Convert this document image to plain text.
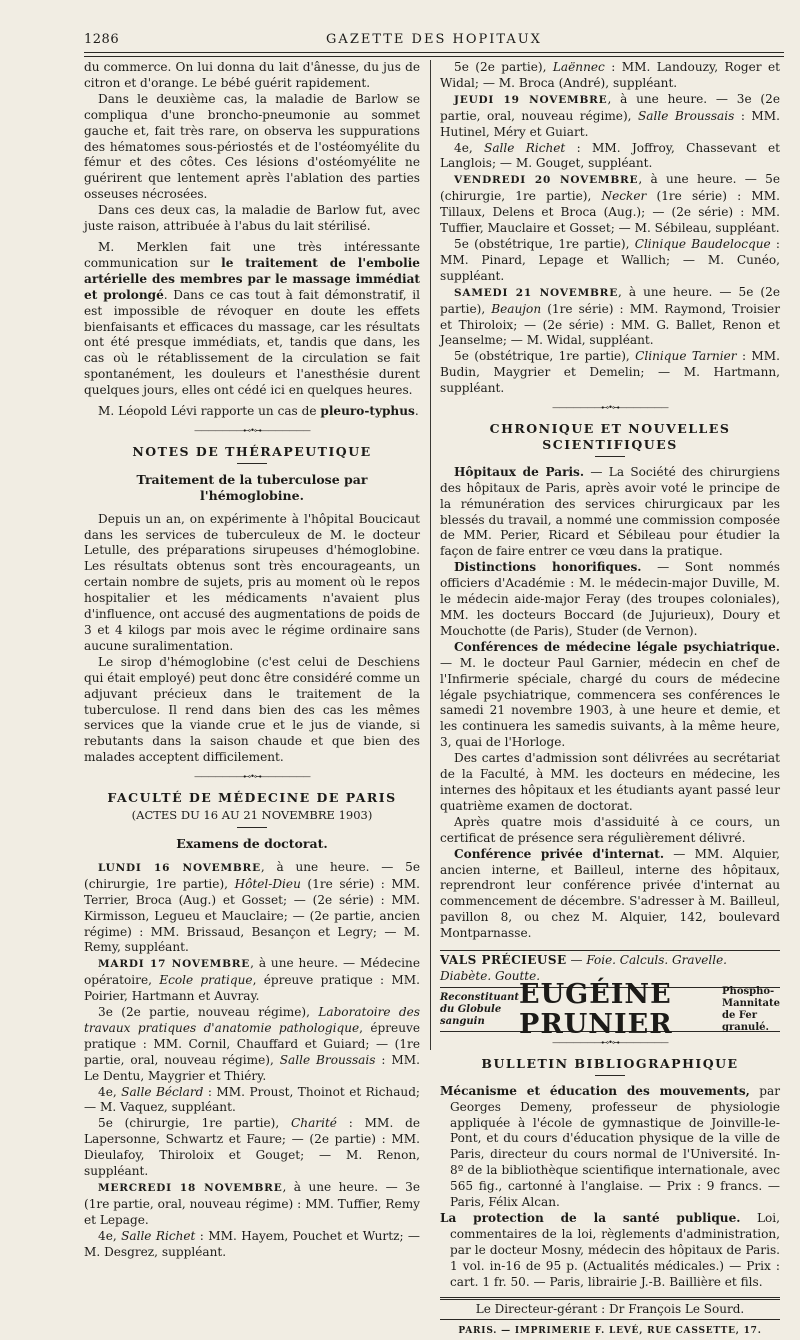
1286	GAZETTE DES HOPITAUX

du commerce. On lui donna du lait d'ânesse, du jus de citron et d'orange. Le bébé guérit rapidement.

Dans le deuxième cas, la maladie de Barlow se compliqua d'une broncho-pneumonie au sommet gauche et, fait très rare, on observa les suppurations des hématomes sous-périostés et de l'ostéomyélite du fémur et des côtes. Ces lésions d'ostéomyélite ne guérirent que lentement après l'ablation des parties osseuses nécrosées.

Dans ces deux cas, la maladie de Barlow fut, avec juste raison, attribuée à l'abus du lait stérilisé.

M. Merklen fait une très intéressante communication sur le traitement de l'embolie artérielle des membres par le massage immédiat et prolongé. Dans ce cas tout à fait démonstratif, il est impossible de révoquer en doute les effets bienfaisants et efficaces du massage, car les résultats ont été presque immédiats, et, tandis que dans, les cas où le rétablissement de la circulation se fait spontanément, les douleurs et l'anesthésie durent quelques jours, elles ont cédé ici en quelques heures.

M. Léopold Lévi rapporte un cas de pleuro-typhus.

———————⊷•⊶———————
NOTES DE THÉRAPEUTIQUE
Traitement de la tuberculose par l'hémoglobine.

Depuis un an, on expérimente à l'hôpital Boucicaut dans les services de tuberculeux de M. le docteur Letulle, des préparations sirupeuses d'hémoglobine. Les résultats obtenus sont très encourageants, un certain nombre de sujets, pris au moment où le repos hospitalier et les médicaments n'avaient plus d'influence, ont accusé des augmentations de poids de 3 et 4 kilogs par mois avec le régime ordinaire sans aucune suralimentation.

Le sirop d'hémoglobine (c'est celui de Deschiens qui était employé) peut donc être considéré comme un adjuvant précieux dans le traitement de la tuberculose. Il rend dans bien des cas les mêmes services que la viande crue et le jus de viande, si rebutants dans la saison chaude et que bien des malades acceptent difficilement.

———————⊷•⊶———————
FACULTÉ DE MÉDECINE DE PARIS
(ACTES DU 16 AU 21 NOVEMBRE 1903)
Examens de doctorat.

LUNDI 16 NOVEMBRE, à une heure. — 5e (chirurgie, 1re partie), Hôtel-Dieu (1re série) : MM. Terrier, Broca (Aug.) et Gosset; — (2e série) : MM. Kirmisson, Legueu et Mauclaire; — (2e partie, ancien régime) : MM. Brissaud, Besançon et Legry; — M. Remy, suppléant.

MARDI 17 NOVEMBRE, à une heure. — Médecine opératoire, Ecole pratique, épreuve pratique : MM. Poirier, Hartmann et Auvray.

3e (2e partie, nouveau régime), Laboratoire des travaux pratiques d'anatomie pathologique, épreuve pratique : MM. Cornil, Chauffard et Guiard; — (1re partie, oral, nouveau régime), Salle Broussais : MM. Le Dentu, Maygrier et Thiéry.

4e, Salle Béclard : MM. Proust, Thoinot et Richaud; — M. Vaquez, suppléant.

5e (chirurgie, 1re partie), Charité : MM. de Lapersonne, Schwartz et Faure; — (2e partie) : MM. Dieulafoy, Thiroloix et Gouget; — M. Renon, suppléant.

MERCREDI 18 NOVEMBRE, à une heure. — 3e (1re partie, oral, nouveau régime) : MM. Tuffier, Remy et Lepage.

4e, Salle Richet : MM. Hayem, Pouchet et Wurtz; — M. Desgrez, suppléant.

5e (2e partie), Laënnec : MM. Landouzy, Roger et Widal; — M. Broca (André), suppléant.

JEUDI 19 NOVEMBRE, à une heure. — 3e (2e partie, oral, nouveau régime), Salle Broussais : MM. Hutinel, Méry et Guiart.

4e, Salle Richet : MM. Joffroy, Chassevant et Langlois; — M. Gouget, suppléant.

VENDREDI 20 NOVEMBRE, à une heure. — 5e (chirurgie, 1re partie), Necker (1re série) : MM. Tillaux, Delens et Broca (Aug.); — (2e série) : MM. Tuffier, Mauclaire et Gosset; — M. Sébileau, suppléant.

5e (obstétrique, 1re partie), Clinique Baudelocque : MM. Pinard, Lepage et Wallich; — M. Cunéo, suppléant.

SAMEDI 21 NOVEMBRE, à une heure. — 5e (2e partie), Beaujon (1re série) : MM. Raymond, Troisier et Thiroloix; — (2e série) : MM. G. Ballet, Renon et Jeanselme; — M. Widal, suppléant.

5e (obstétrique, 1re partie), Clinique Tarnier : MM. Budin, Maygrier et Demelin; — M. Hartmann, suppléant.

———————⊷•⊶———————
CHRONIQUE ET NOUVELLES SCIENTIFIQUES

Hôpitaux de Paris. — La Société des chirurgiens des hôpitaux de Paris, après avoir voté le principe de la rémunération des services chirurgicaux par les blessés du travail, a nommé une commission composée de MM. Perier, Ricard et Sébileau pour étudier la façon de faire entrer ce vœu dans la pratique.

Distinctions honorifiques. — Sont nommés officiers d'Académie : M. le médecin-major Duville, M. le médecin aide-major Feray (des troupes coloniales), MM. les docteurs Boccard (de Jujurieux), Doury et Mouchotte (de Paris), Studer (de Vernon).

Conférences de médecine légale psychiatrique. — M. le docteur Paul Garnier, médecin en chef de l'Infirmerie spéciale, chargé du cours de médecine légale psychiatrique, commencera ses conférences le samedi 21 novembre 1903, à une heure et demie, et les continuera les samedis suivants, à la même heure, 3, quai de l'Horloge.

Des cartes d'admission sont délivrées au secrétariat de la Faculté, à MM. les docteurs en médecine, les internes des hôpitaux et les étudiants ayant passé leur quatrième examen de doctorat.

Après quatre mois d'assiduité à ce cours, un certificat de présence sera régulièrement délivré.

Conférence privée d'internat. — MM. Alquier, ancien interne, et Bailleul, interne des hôpitaux, reprendront leur conférence privée d'internat au commencement de décembre. S'adresser à M. Bailleul, pavillon 8, ou chez M. Alquier, 142, boulevard Montparnasse.

VALS PRÉCIEUSE — Foie. Calculs. Gravelle. Diabète. Goutte.
Reconstituant du Globule sanguin
EUGÉINE PRUNIER
Phospho-Mannitate de Fer granulé.
———————⊷•⊶———————
BULLETIN BIBLIOGRAPHIQUE

Mécanisme et éducation des mouvements, par Georges Demeny, professeur de physiologie appliquée à l'école de gymnastique de Joinville-le-Pont, et du cours d'éducation physique de la ville de Paris, directeur du cours normal de l'Université. In-8º de la bibliothèque scientifique internationale, avec 565 fig., cartonné à l'anglaise. — Prix : 9 francs. — Paris, Félix Alcan.

La protection de la santé publique. Loi, commentaires de la loi, règlements d'administration, par le docteur Mosny, médecin des hôpitaux de Paris. 1 vol. in-16 de 95 p. (Actualités médicales.) — Prix : cart. 1 fr. 50. — Paris, librairie J.-B. Baillière et fils.

Le Directeur-gérant : Dr François Le Sourd.
PARIS. — IMPRIMERIE F. LEVÉ, RUE CASSETTE, 17.
